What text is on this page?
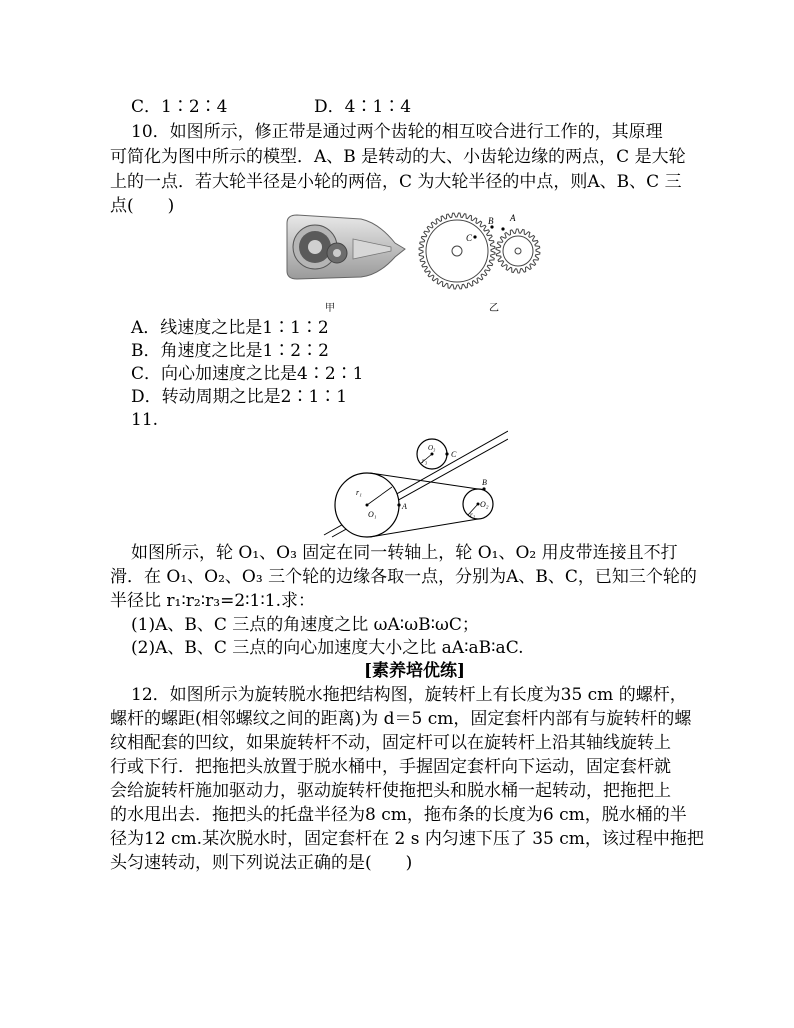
C．1∶2∶4	D．4∶1∶4
10．如图所示，修正带是通过两个齿轮的相互咬合进行工作的，其原理
可简化为图中所示的模型．A、B 是转动的大、小齿轮边缘的两点，C 是大轮
上的一点．若大轮半径是小轮的两倍，C 为大轮半径的中点，则A、B、C 三
点(　　)
甲
C
B A
乙
A．线速度之比是1∶1∶2
B．角速度之比是1∶2∶2
C．向心加速度之比是4∶2∶1
D．转动周期之比是2∶1∶1
11.
O₁
r₁
A
O₃
r₃
C
O₂
r₂
B
如图所示，轮 O₁、O₃ 固定在同一转轴上，轮 O₁、O₂ 用皮带连接且不打
滑．在 O₁、O₂、O₃ 三个轮的边缘各取一点，分别为A、B、C，已知三个轮的
半径比 r₁∶r₂∶r₃=2∶1∶1.求：
(1)A、B、C 三点的角速度之比 ωA∶ωB∶ωC；
(2)A、B、C 三点的向心加速度大小之比 aA∶aB∶aC.
[素养培优练]
12．如图所示为旋转脱水拖把结构图，旋转杆上有长度为35 cm 的螺杆，
螺杆的螺距(相邻螺纹之间的距离)为 d＝5 cm，固定套杆内部有与旋转杆的螺
纹相配套的凹纹，如果旋转杆不动，固定杆可以在旋转杆上沿其轴线旋转上
行或下行．把拖把头放置于脱水桶中，手握固定套杆向下运动，固定套杆就
会给旋转杆施加驱动力，驱动旋转杆使拖把头和脱水桶一起转动，把拖把上
的水甩出去．拖把头的托盘半径为8 cm，拖布条的长度为6 cm，脱水桶的半
径为12 cm.某次脱水时，固定套杆在 2 s 内匀速下压了 35 cm，该过程中拖把
头匀速转动，则下列说法正确的是(　　)
